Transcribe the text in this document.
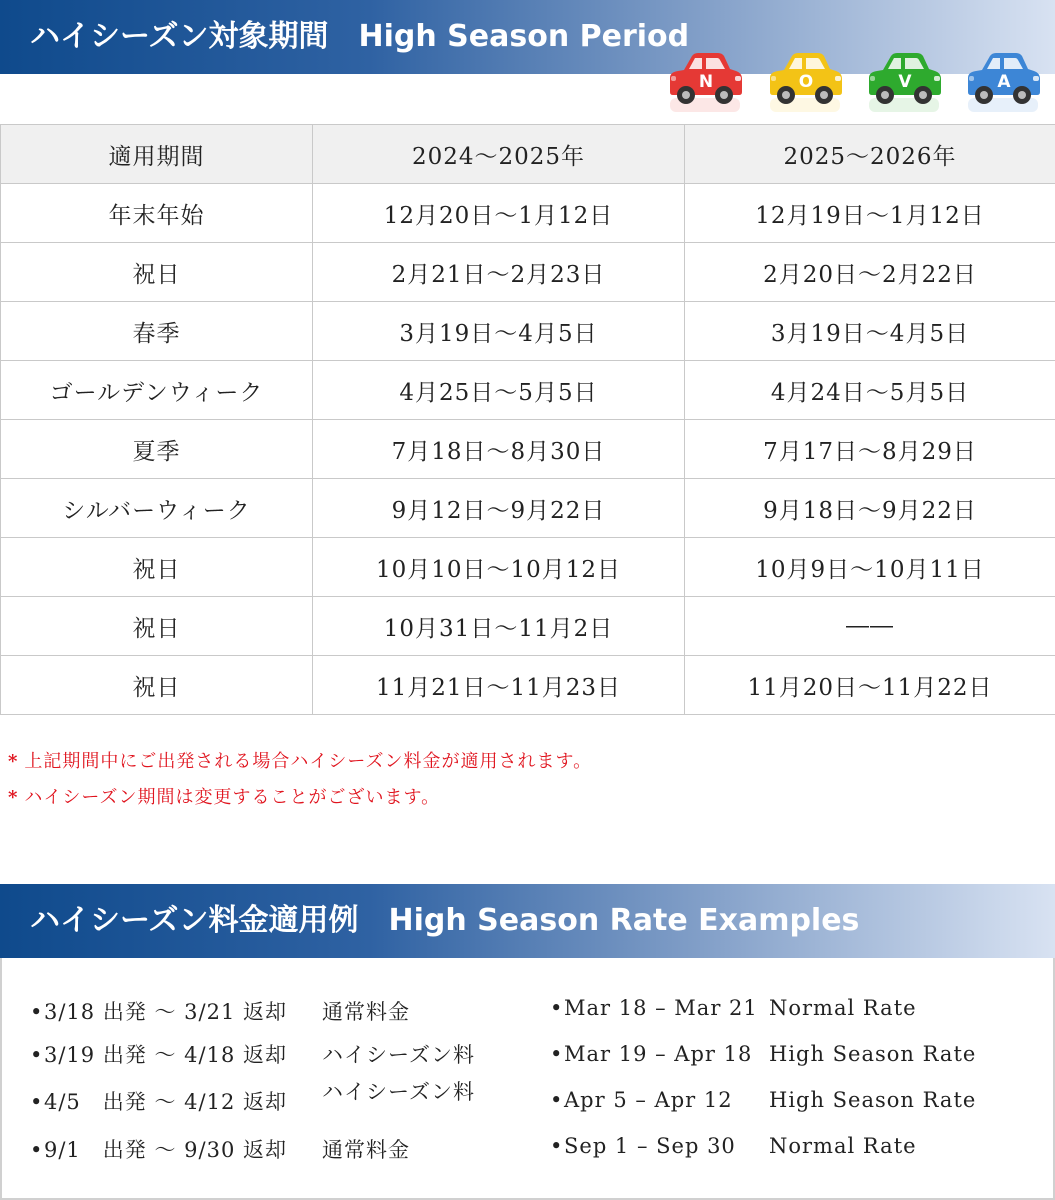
ハイシーズン対象期間 High Season Period
N	O	V	A
適用期間	2024～2025年	2025～2026年
年末年始	12月20日～1月12日	12月19日～1月12日
祝日	2月21日～2月23日	2月20日～2月22日
春季	3月19日～4月5日	3月19日～4月5日
ゴールデンウィーク	4月25日～5月5日	4月24日～5月5日
夏季	7月18日～8月30日	7月17日～8月29日
シルバーウィーク	9月12日～9月22日	9月18日～9月22日
祝日	10月10日～10月12日	10月9日～10月11日
祝日	10月31日～11月2日	――
祝日	11月21日～11月23日	11月20日～11月22日
* 上記期間中にご出発される場合ハイシーズン料金が適用されます。
* ハイシーズン期間は変更することがございます。
ハイシーズン料金適用例 High Season Rate Examples
•3/18 出発 ～ 3/21 返却 通常料金
•3/19 出発 ～ 4/18 返却 ハイシーズン料
•4/5　出発 ～ 4/12 返却 ハイシーズン料
•9/1　出発 ～ 9/30 返却 通常料金
•Mar 18 – Mar 21 Normal Rate
•Mar 19 – Apr 18 High Season Rate
•Apr 5 – Apr 12 High Season Rate
•Sep 1 – Sep 30 Normal Rate
